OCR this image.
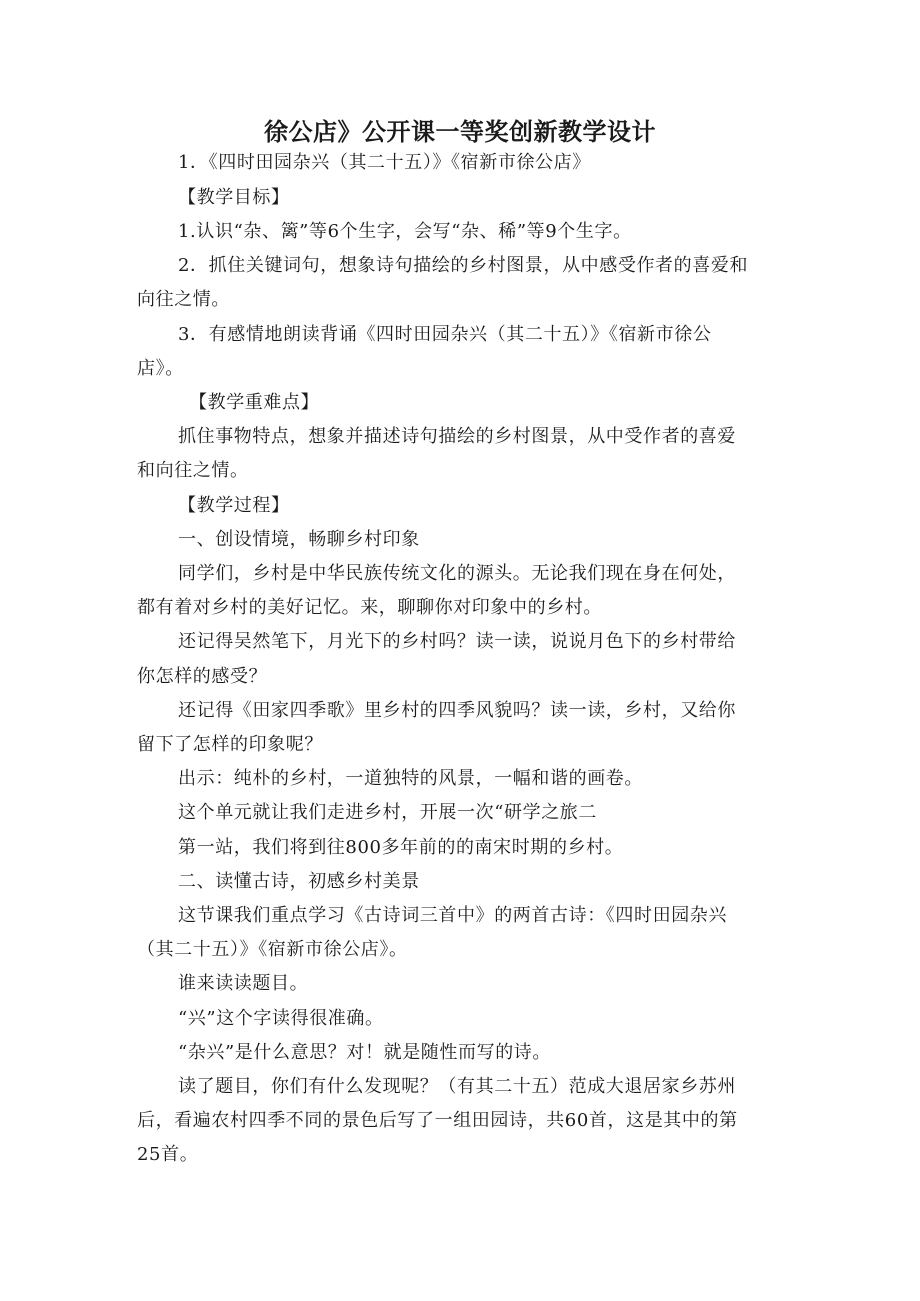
徐公店》公开课一等奖创新教学设计

1．《四时田园杂兴（其二十五）》《宿新市徐公店》

【教学目标】

1.认识“杂、篱”等6个生字，会写“杂、稀”等9个生字。

2．抓住关键词句，想象诗句描绘的乡村图景，从中感受作者的喜爱和

向往之情。

3．有感情地朗读背诵《四时田园杂兴（其二十五）》《宿新市徐公

店》。

【教学重难点】

抓住事物特点，想象并描述诗句描绘的乡村图景，从中受作者的喜爱

和向往之情。

【教学过程】

一、创设情境，畅聊乡村印象

同学们，乡村是中华民族传统文化的源头。无论我们现在身在何处，

都有着对乡村的美好记忆。来，聊聊你对印象中的乡村。

还记得吴然笔下，月光下的乡村吗？读一读，说说月色下的乡村带给

你怎样的感受？

还记得《田家四季歌》里乡村的四季风貌吗？读一读，乡村，又给你

留下了怎样的印象呢？

出示：纯朴的乡村，一道独特的风景，一幅和谐的画卷。

这个单元就让我们走进乡村，开展一次“研学之旅二

第一站，我们将到往800多年前的的南宋时期的乡村。

二、读懂古诗，初感乡村美景

这节课我们重点学习《古诗词三首中》的两首古诗：《四时田园杂兴

（其二十五）》《宿新市徐公店》。

谁来读读题目。

“兴”这个字读得很准确。

“杂兴”是什么意思？对！就是随性而写的诗。

读了题目，你们有什么发现呢？（有其二十五）范成大退居家乡苏州

后，看遍农村四季不同的景色后写了一组田园诗，共60首，这是其中的第

25首。
